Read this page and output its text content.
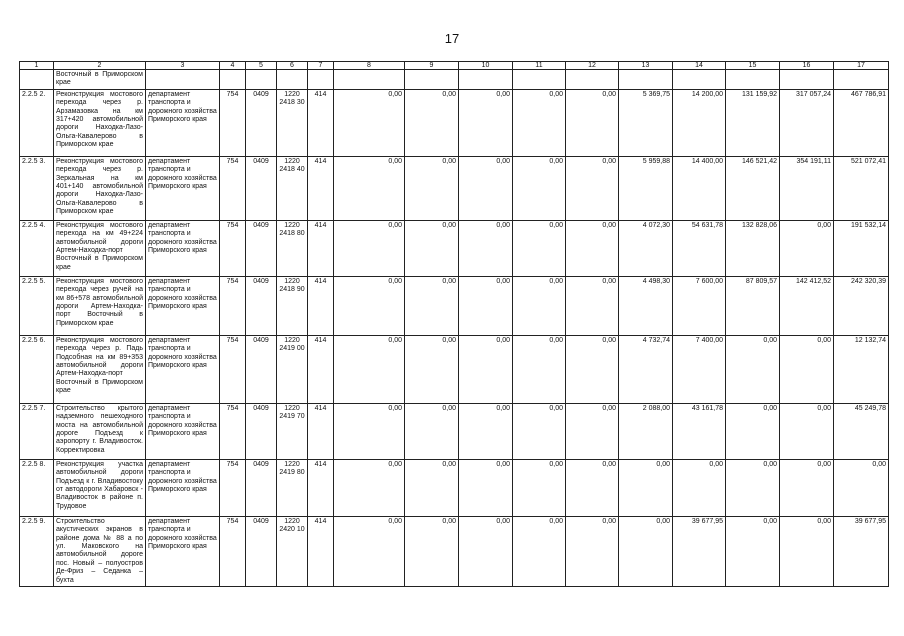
17
1	2	3	4	5	6	7	8	9	10	11	12	13	14	15	16	17
	Восточный в Приморском крае															
2.2.5 2.	Реконструкция мостового перехода через р. Арзамазовка на км 317+420 автомобильной дороги Находка-Лазо-Ольга-Кавалерово в Приморском крае	департамент транспорта и дорожного хозяйства Приморского края	754	0409	1220 2418 30	414	0,00	0,00	0,00	0,00	0,00	5 369,75	14 200,00	131 159,92	317 057,24	467 786,91
2.2.5 3.	Реконструкция мостового перехода через р. Зеркальная на км 401+140 автомобильной дороги Находка-Лазо-Ольга-Кавалерово в Приморском крае	департамент транспорта и дорожного хозяйства Приморского края	754	0409	1220 2418 40	414	0,00	0,00	0,00	0,00	0,00	5 959,88	14 400,00	146 521,42	354 191,11	521 072,41
2.2.5 4.	Реконструкция мостового перехода на км 49+224 автомобильной дороги Артем-Находка-порт Восточный в Приморском крае	департамент транспорта и дорожного хозяйства Приморского края	754	0409	1220 2418 80	414	0,00	0,00	0,00	0,00	0,00	4 072,30	54 631,78	132 828,06	0,00	191 532,14
2.2.5 5.	Реконструкция мостового перехода через ручей на км 86+578 автомобильной дороги Артем-Находка-порт Восточный в Приморском крае	департамент транспорта и дорожного хозяйства Приморского края	754	0409	1220 2418 90	414	0,00	0,00	0,00	0,00	0,00	4 498,30	7 600,00	87 809,57	142 412,52	242 320,39
2.2.5 6.	Реконструкция мостового перехода через р. Падь Подсобная на км 89+353 автомобильной дороги Артем-Находка-порт Восточный в Приморском крае	департамент транспорта и дорожного хозяйства Приморского края	754	0409	1220 2419 00	414	0,00	0,00	0,00	0,00	0,00	4 732,74	7 400,00	0,00	0,00	12 132,74
2.2.5 7.	Строительство крытого надземного пешеходного моста на автомобильной дороге Подъезд к аэропорту г. Владивосток. Корректировка	департамент транспорта и дорожного хозяйства Приморского края	754	0409	1220 2419 70	414	0,00	0,00	0,00	0,00	0,00	2 088,00	43 161,78	0,00	0,00	45 249,78
2.2.5 8.	Реконструкция участка автомобильной дороги Подъезд к г. Владивостоку от автодороги Хабаровск - Владивосток в районе п. Трудовое	департамент транспорта и дорожного хозяйства Приморского края	754	0409	1220 2419 80	414	0,00	0,00	0,00	0,00	0,00	0,00	0,00	0,00	0,00	0,00
2.2.5 9.	Строительство акустических экранов в районе дома № 88 а по ул. Маковского на автомобильной дороге пос. Новый – полуостров Де-Фриз – Седанка – бухта	департамент транспорта и дорожного хозяйства Приморского края	754	0409	1220 2420 10	414	0,00	0,00	0,00	0,00	0,00	0,00	39 677,95	0,00	0,00	39 677,95
